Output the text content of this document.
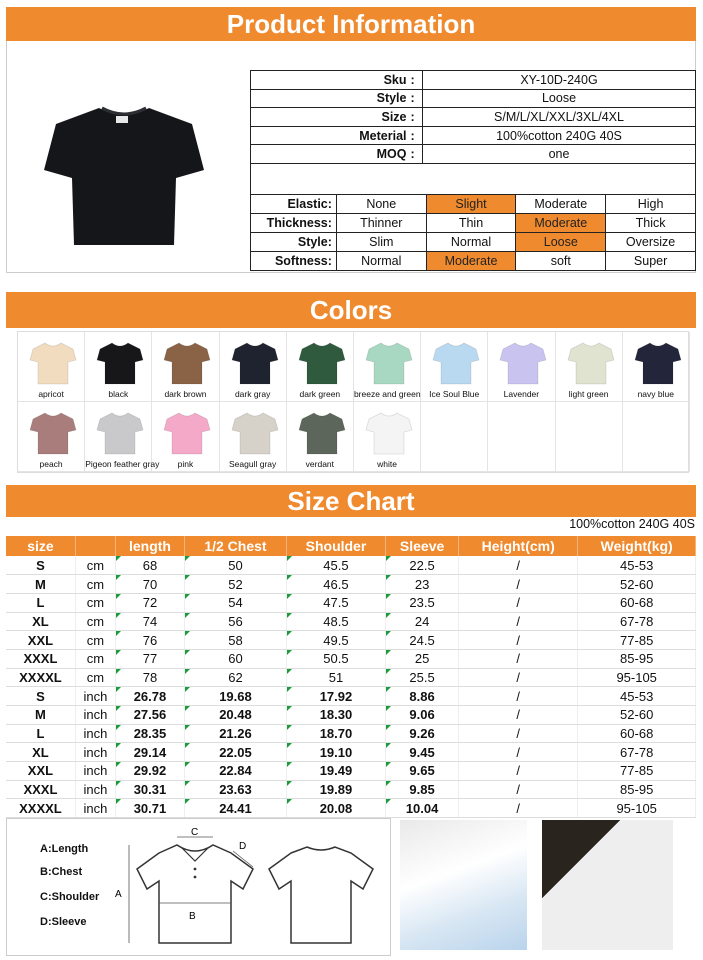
Product Information
Sku	:	XY-10D-240G
Style	:	Loose
Size	:	S/M/L/XL/XXL/3XL/4XL
Meterial	:	100%cotton 240G 40S
MOQ	:	one
Elastic:	None	Slight	Moderate	High
Thickness:	Thinner	Thin	Moderate	Thick
Style:	Slim	Normal	Loose	Oversize
Softness:	Normal	Moderate	soft	Super
Colors
apricot	black	dark brown	dark gray	dark green	breeze and green	Ice Soul Blue	Lavender	light green	navy blue
peach	Pigeon feather gray	pink	Seagull gray	verdant	white
Size Chart
100%cotton 240G 40S
size		length	1/2 Chest	Shoulder	Sleeve	Height(cm)	Weight(kg)
S	cm	68	50	45.5	22.5	/	45-53
M	cm	70	52	46.5	23	/	52-60
L	cm	72	54	47.5	23.5	/	60-68
XL	cm	74	56	48.5	24	/	67-78
XXL	cm	76	58	49.5	24.5	/	77-85
XXXL	cm	77	60	50.5	25	/	85-95
XXXXL	cm	78	62	51	25.5	/	95-105
S	inch	26.78	19.68	17.92	8.86	/	45-53
M	inch	27.56	20.48	18.30	9.06	/	52-60
L	inch	28.35	21.26	18.70	9.26	/	60-68
XL	inch	29.14	22.05	19.10	9.45	/	67-78
XXL	inch	29.92	22.84	19.49	9.65	/	77-85
XXXL	inch	30.31	23.63	19.89	9.85	/	85-95
XXXXL	inch	30.71	24.41	20.08	10.04	/	95-105
A:Length
B:Chest
C:Shoulder
D:Sleeve
A
B
C
D
